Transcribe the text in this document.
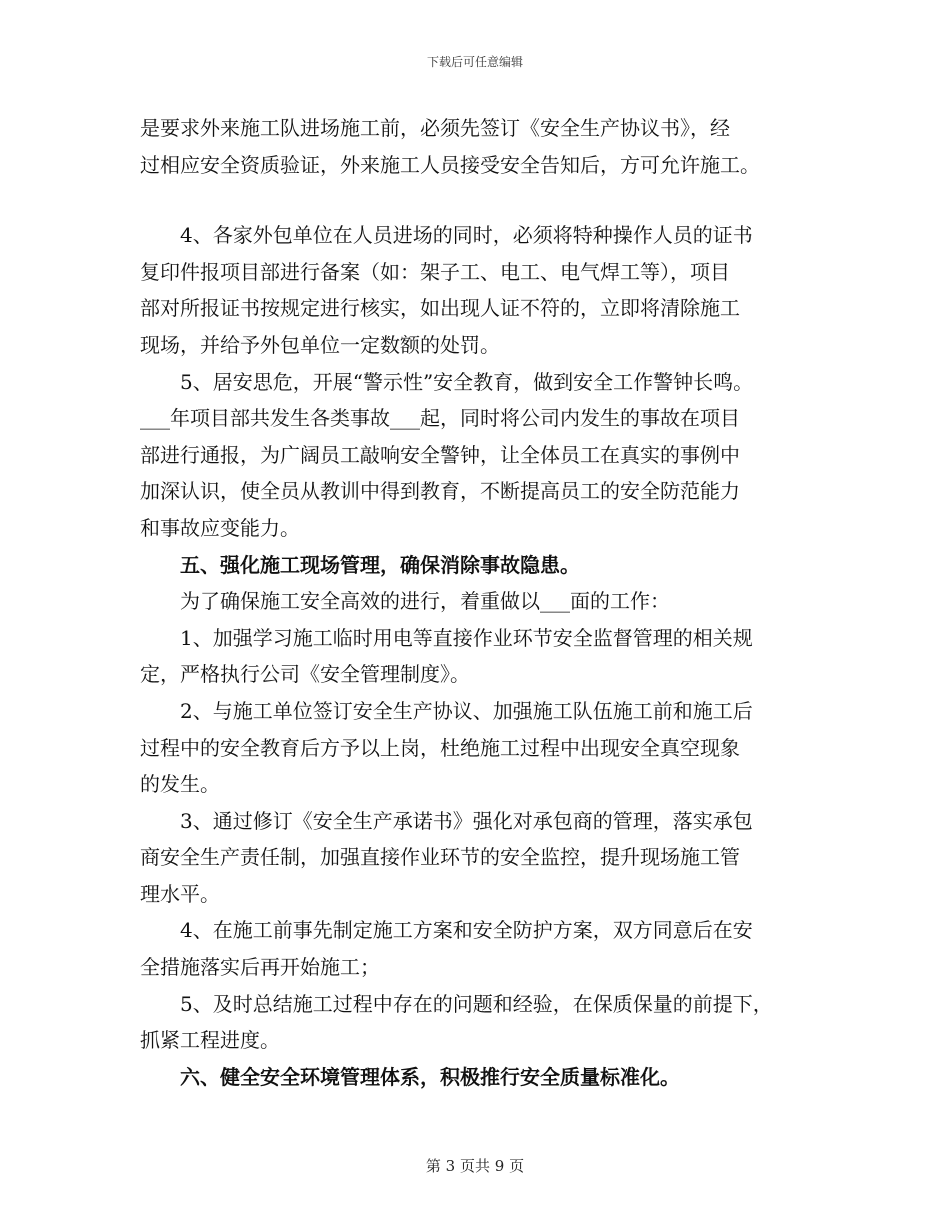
下载后可任意编辑
是要求外来施工队进场施工前，必须先签订《安全生产协议书》，经
过相应安全资质验证，外来施工人员接受安全告知后，方可允许施工。
4、各家外包单位在人员进场的同时，必须将特种操作人员的证书
复印件报项目部进行备案（如：架子工、电工、电气焊工等），项目
部对所报证书按规定进行核实，如出现人证不符的，立即将清除施工
现场，并给予外包单位一定数额的处罚。
5、居安思危，开展“警示性”安全教育，做到安全工作警钟长鸣。
___年项目部共发生各类事故___起，同时将公司内发生的事故在项目
部进行通报，为广阔员工敲响安全警钟，让全体员工在真实的事例中
加深认识，使全员从教训中得到教育，不断提高员工的安全防范能力
和事故应变能力。
五、强化施工现场管理，确保消除事故隐患。
为了确保施工安全高效的进行，着重做以___面的工作：
1、加强学习施工临时用电等直接作业环节安全监督管理的相关规
定，严格执行公司《安全管理制度》。
2、与施工单位签订安全生产协议、加强施工队伍施工前和施工后
过程中的安全教育后方予以上岗，杜绝施工过程中出现安全真空现象
的发生。
3、通过修订《安全生产承诺书》强化对承包商的管理，落实承包
商安全生产责任制，加强直接作业环节的安全监控，提升现场施工管
理水平。
4、在施工前事先制定施工方案和安全防护方案，双方同意后在安
全措施落实后再开始施工；
5、及时总结施工过程中存在的问题和经验，在保质保量的前提下，
抓紧工程进度。
六、健全安全环境管理体系，积极推行安全质量标准化。
第 3 页共 9 页
